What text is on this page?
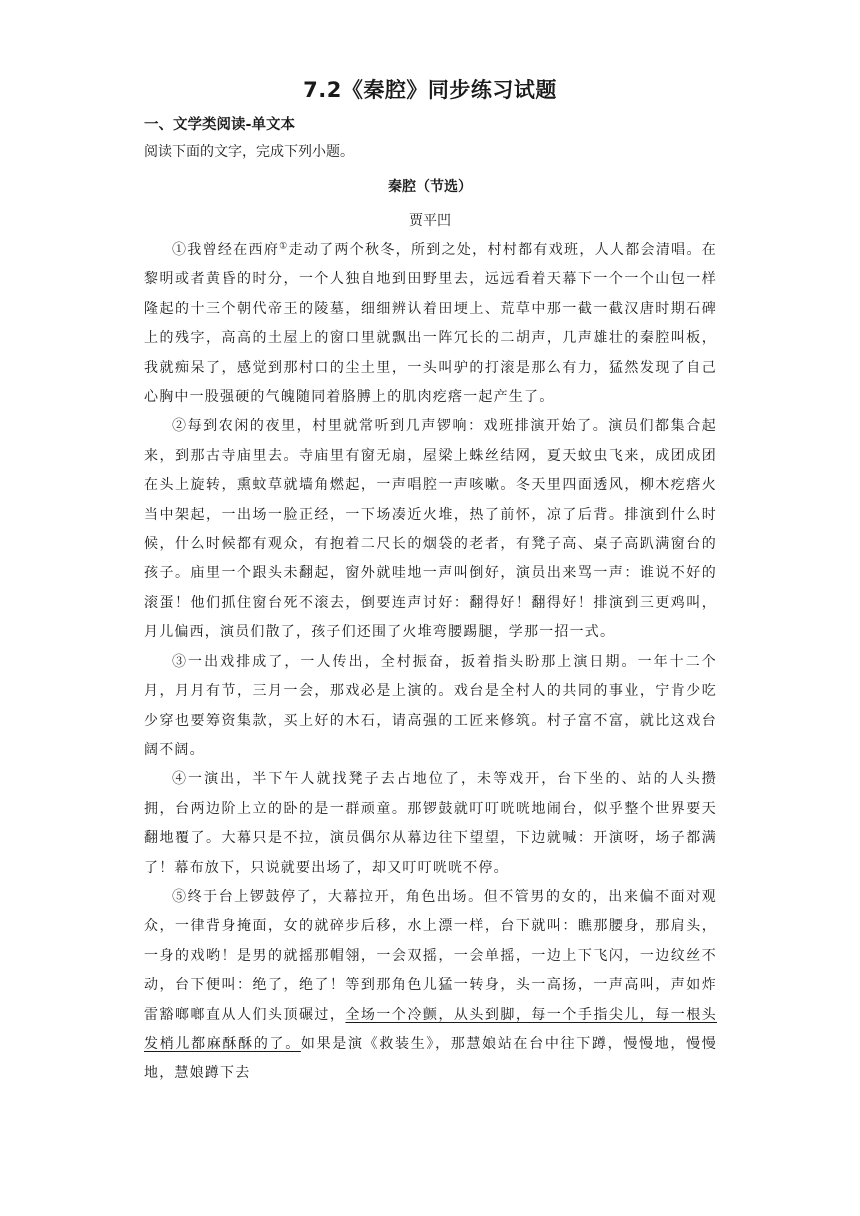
7.2《秦腔》同步练习试题
一、文学类阅读-单文本
阅读下面的文字，完成下列小题。
秦腔（节选）
贾平凹

①我曾经在西府①走动了两个秋冬，所到之处，村村都有戏班，人人都会清唱。在黎明或者黄昏的时分，一个人独自地到田野里去，远远看着天幕下一个一个山包一样隆起的十三个朝代帝王的陵墓，细细辨认着田埂上、荒草中那一截一截汉唐时期石碑上的残字，高高的土屋上的窗口里就飘出一阵冗长的二胡声，几声雄壮的秦腔叫板，我就痴呆了，感觉到那村口的尘土里，一头叫驴的打滚是那么有力，猛然发现了自己心胸中一股强硬的气魄随同着胳膊上的肌肉疙瘩一起产生了。

②每到农闲的夜里，村里就常听到几声锣响：戏班排演开始了。演员们都集合起来，到那古寺庙里去。寺庙里有窗无扇，屋梁上蛛丝结网，夏天蚊虫飞来，成团成团在头上旋转，熏蚊草就墙角燃起，一声唱腔一声咳嗽。冬天里四面透风，柳木疙瘩火当中架起，一出场一脸正经，一下场凑近火堆，热了前怀，凉了后背。排演到什么时候，什么时候都有观众，有抱着二尺长的烟袋的老者，有凳子高、桌子高趴满窗台的孩子。庙里一个跟头未翻起，窗外就哇地一声叫倒好，演员出来骂一声：谁说不好的滚蛋！他们抓住窗台死不滚去，倒要连声讨好：翻得好！翻得好！排演到三更鸡叫，月儿偏西，演员们散了，孩子们还围了火堆弯腰踢腿，学那一招一式。

③一出戏排成了，一人传出，全村振奋，扳着指头盼那上演日期。一年十二个月，月月有节，三月一会，那戏必是上演的。戏台是全村人的共同的事业，宁肯少吃少穿也要筹资集款，买上好的木石，请高强的工匠来修筑。村子富不富，就比这戏台阔不阔。

④一演出，半下午人就找凳子去占地位了，未等戏开，台下坐的、站的人头攒拥，台两边阶上立的卧的是一群顽童。那锣鼓就叮叮咣咣地闹台，似乎整个世界要天翻地覆了。大幕只是不拉，演员偶尔从幕边往下望望，下边就喊：开演呀，场子都满了！幕布放下，只说就要出场了，却又叮叮咣咣不停。

⑤终于台上锣鼓停了，大幕拉开，角色出场。但不管男的女的，出来偏不面对观众，一律背身掩面，女的就碎步后移，水上漂一样，台下就叫：瞧那腰身，那肩头，一身的戏哟！是男的就摇那帽翎，一会双摇，一会单摇，一边上下飞闪，一边纹丝不动，台下便叫：绝了，绝了！等到那角色儿猛一转身，头一高扬，一声高叫，声如炸雷豁啷啷直从人们头顶碾过，全场一个冷颤，从头到脚，每一个手指尖儿，每一根头发梢儿都麻酥酥的了。如果是演《救装生》，那慧娘站在台中往下蹲，慢慢地，慢慢地，慧娘蹲下去
